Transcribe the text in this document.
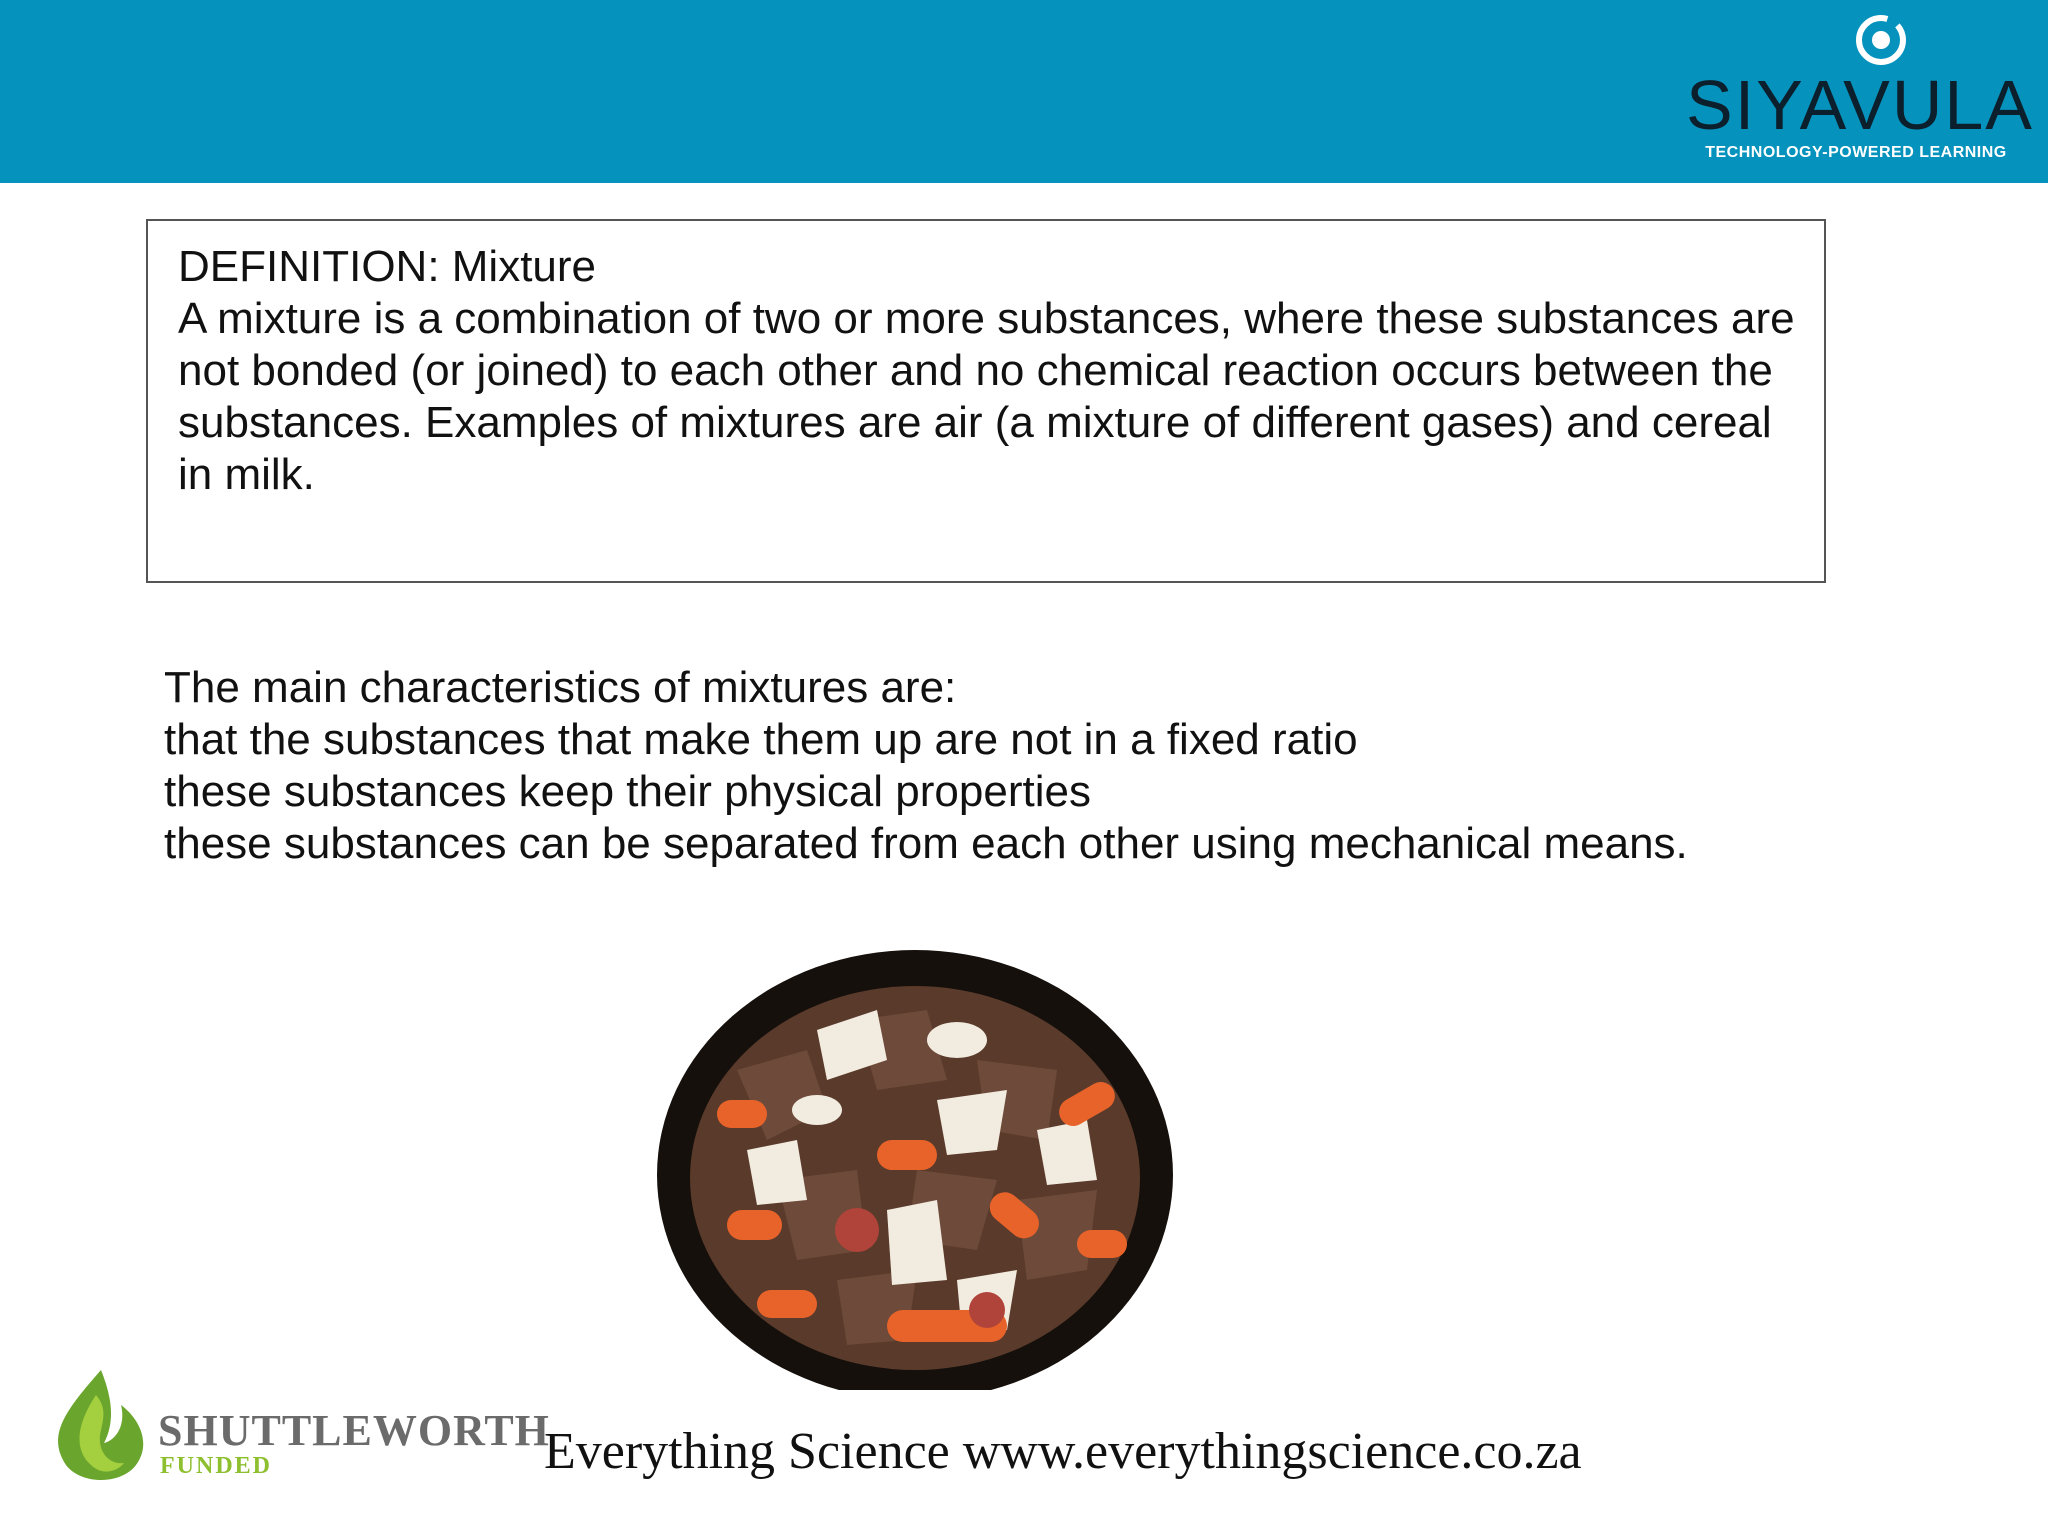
SIYAVULA
TECHNOLOGY-POWERED LEARNING
DEFINITION: Mixture
A mixture is a combination of two or more substances, where these substances are not bonded (or joined) to each other and no chemical reaction occurs between the substances. Examples of mixtures are air (a mixture of different gases) and cereal in milk.
The main characteristics of mixtures are:
that the substances that make them up are not in a fixed ratio
these substances keep their physical properties
these substances can be separated from each other using mechanical means.
SHUTTLEWORTH
FUNDED	Everything Science www.everythingscience.co.za
